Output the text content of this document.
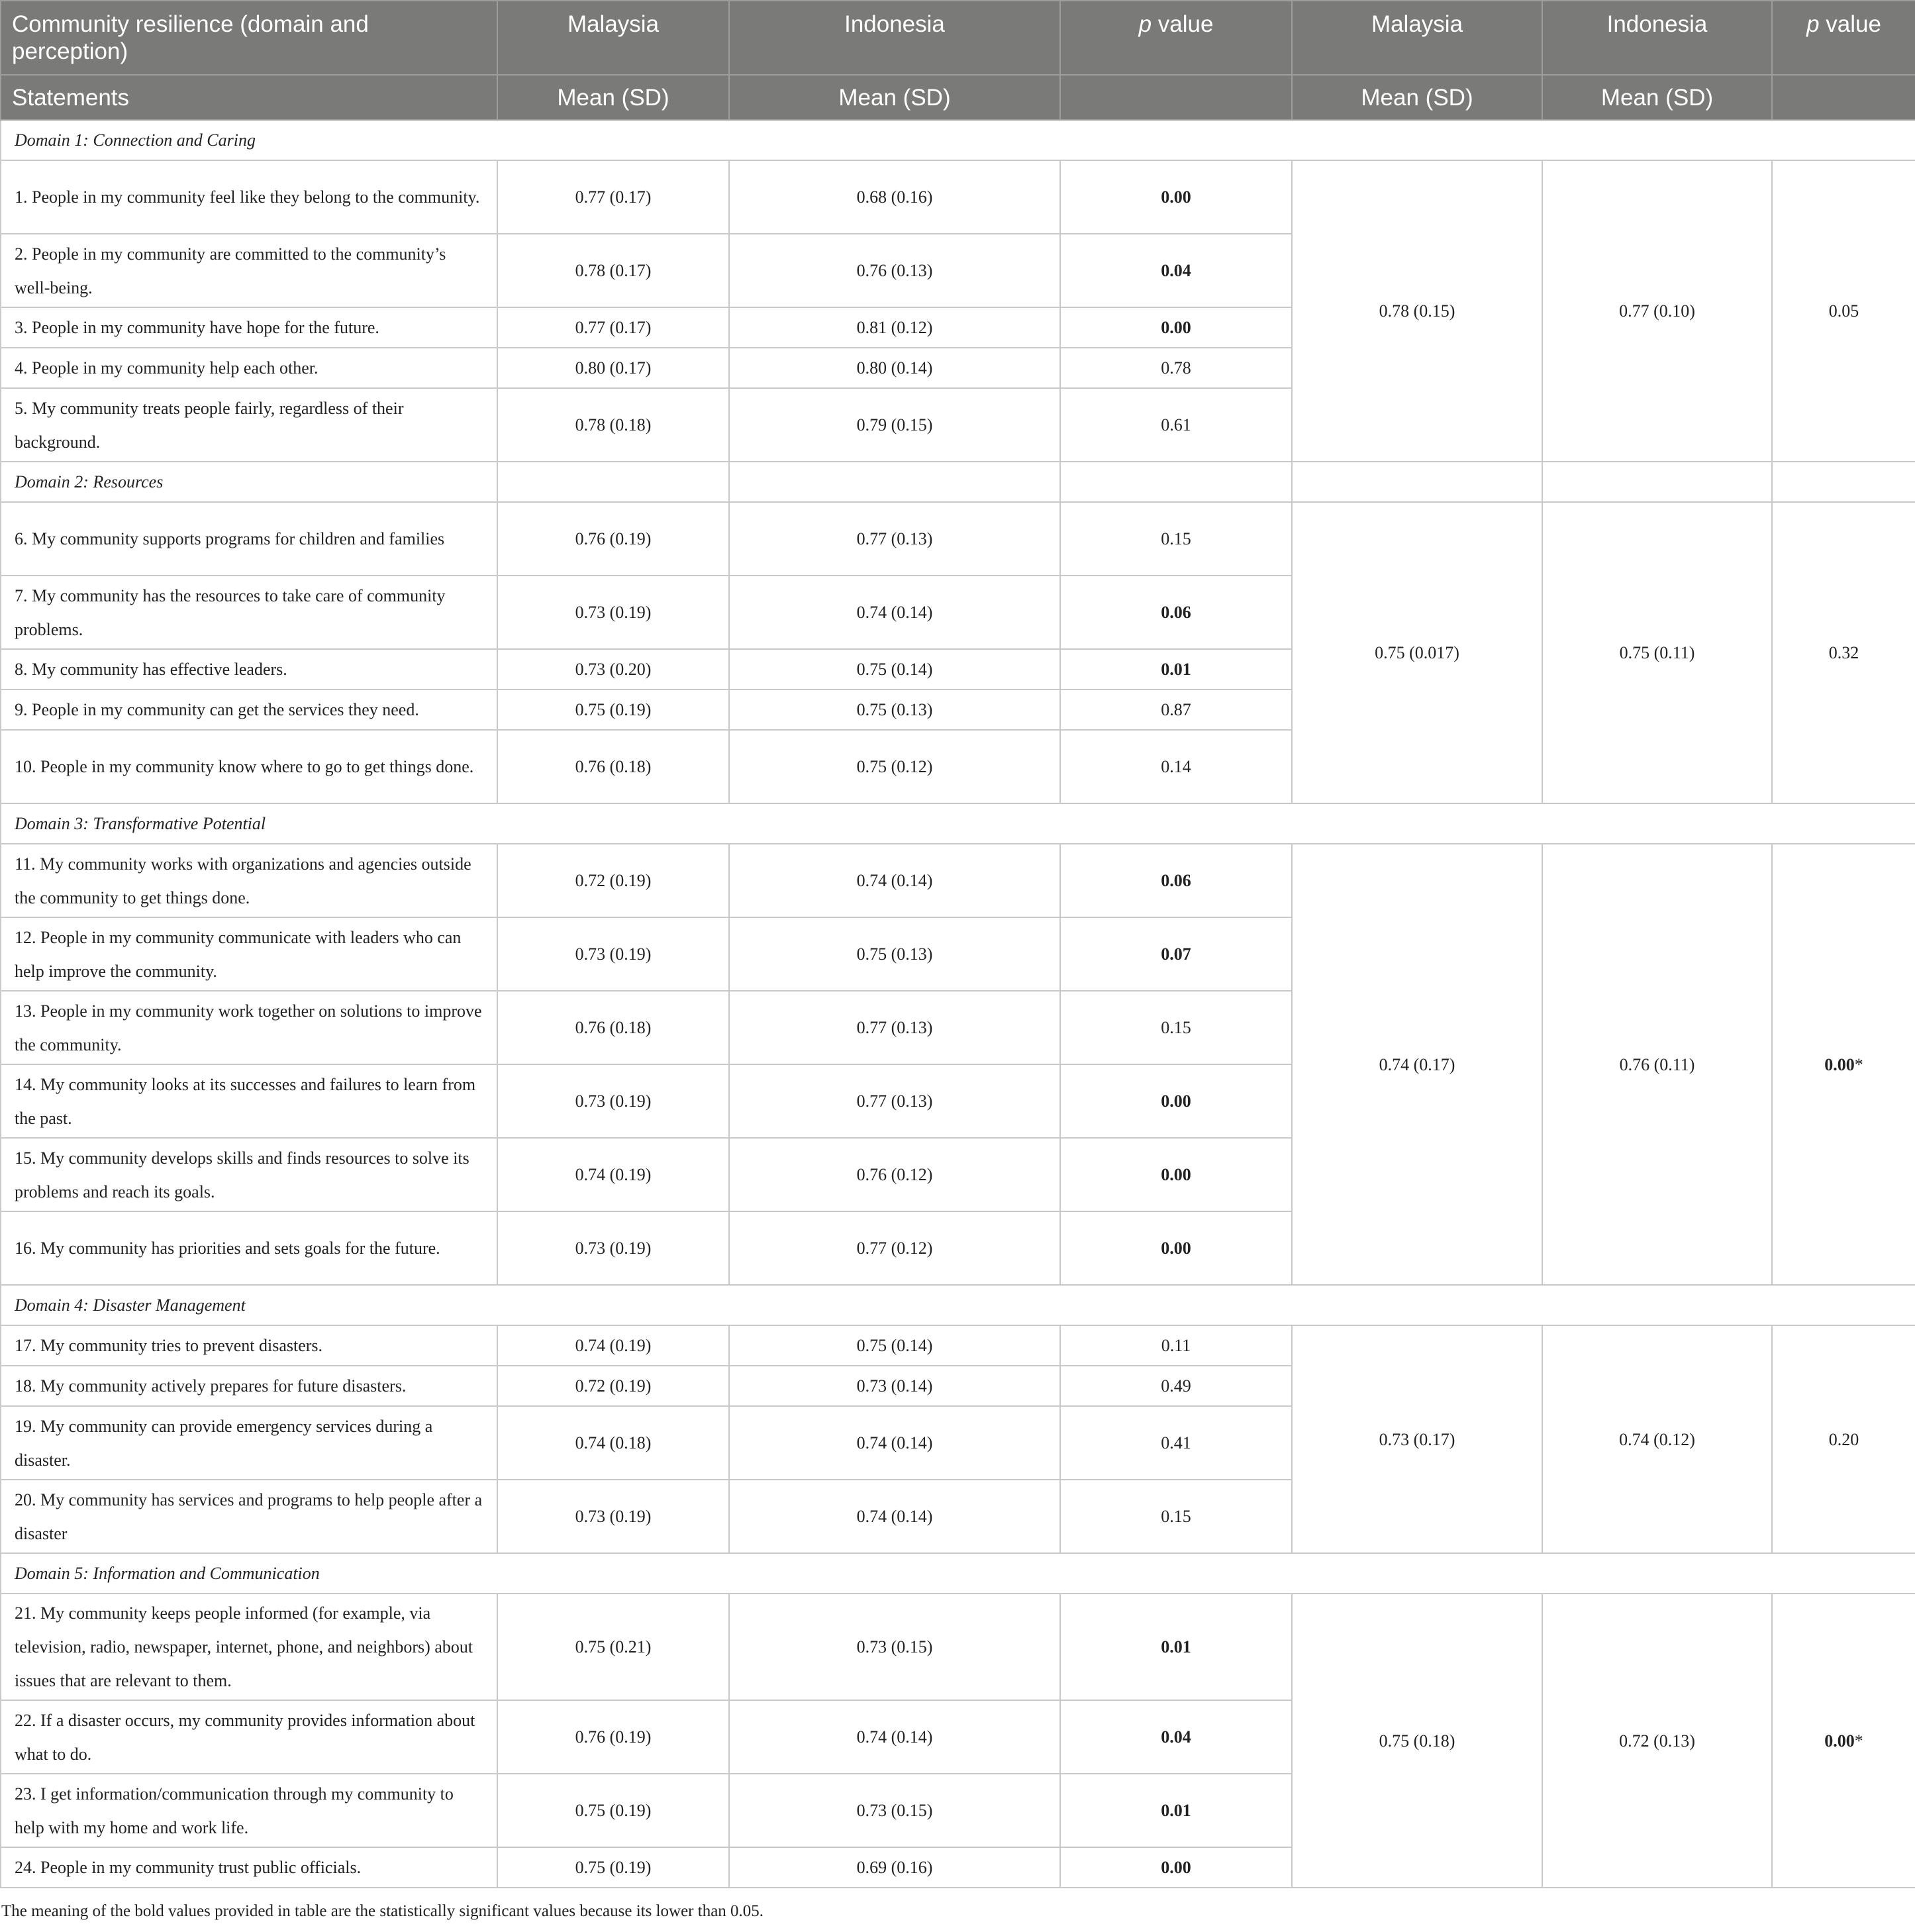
Community resilience (domain and perception)	Malaysia	Indonesia	p value	Malaysia	Indonesia	p value
Statements	Mean (SD)	Mean (SD)		Mean (SD)	Mean (SD)	
Domain 1: Connection and Caring						
1. People in my community feel like they belong to the community.	0.77 (0.17)	0.68 (0.16)	0.00	0.78 (0.15)	0.77 (0.10)	0.05
2. People in my community are committed to the community’s well-being.	0.78 (0.17)	0.76 (0.13)	0.04			
3. People in my community have hope for the future.	0.77 (0.17)	0.81 (0.12)	0.00			
4. People in my community help each other.	0.80 (0.17)	0.80 (0.14)	0.78			
5. My community treats people fairly, regardless of their background.	0.78 (0.18)	0.79 (0.15)	0.61			
Domain 2: Resources						
6. My community supports programs for children and families	0.76 (0.19)	0.77 (0.13)	0.15	0.75 (0.017)	0.75 (0.11)	0.32
7. My community has the resources to take care of community problems.	0.73 (0.19)	0.74 (0.14)	0.06			
8. My community has effective leaders.	0.73 (0.20)	0.75 (0.14)	0.01			
9. People in my community can get the services they need.	0.75 (0.19)	0.75 (0.13)	0.87			
10. People in my community know where to go to get things done.	0.76 (0.18)	0.75 (0.12)	0.14			
Domain 3: Transformative Potential						
11. My community works with organizations and agencies outside the community to get things done.	0.72 (0.19)	0.74 (0.14)	0.06	0.74 (0.17)	0.76 (0.11)	0.00*
12. People in my community communicate with leaders who can help improve the community.	0.73 (0.19)	0.75 (0.13)	0.07			
13. People in my community work together on solutions to improve the community.	0.76 (0.18)	0.77 (0.13)	0.15			
14. My community looks at its successes and failures to learn from the past.	0.73 (0.19)	0.77 (0.13)	0.00			
15. My community develops skills and finds resources to solve its problems and reach its goals.	0.74 (0.19)	0.76 (0.12)	0.00			
16. My community has priorities and sets goals for the future.	0.73 (0.19)	0.77 (0.12)	0.00			
Domain 4: Disaster Management						
17. My community tries to prevent disasters.	0.74 (0.19)	0.75 (0.14)	0.11	0.73 (0.17)	0.74 (0.12)	0.20
18. My community actively prepares for future disasters.	0.72 (0.19)	0.73 (0.14)	0.49			
19. My community can provide emergency services during a disaster.	0.74 (0.18)	0.74 (0.14)	0.41			
20. My community has services and programs to help people after a disaster	0.73 (0.19)	0.74 (0.14)	0.15			
Domain 5: Information and Communication						
21. My community keeps people informed (for example, via television, radio, newspaper, internet, phone, and neighbors) about issues that are relevant to them.	0.75 (0.21)	0.73 (0.15)	0.01	0.75 (0.18)	0.72 (0.13)	0.00*
22. If a disaster occurs, my community provides information about what to do.	0.76 (0.19)	0.74 (0.14)	0.04			
23. I get information/communication through my community to help with my home and work life.	0.75 (0.19)	0.73 (0.15)	0.01			
24. People in my community trust public officials.	0.75 (0.19)	0.69 (0.16)	0.00			
The meaning of the bold values provided in table are the statistically significant values because its lower than 0.05.
